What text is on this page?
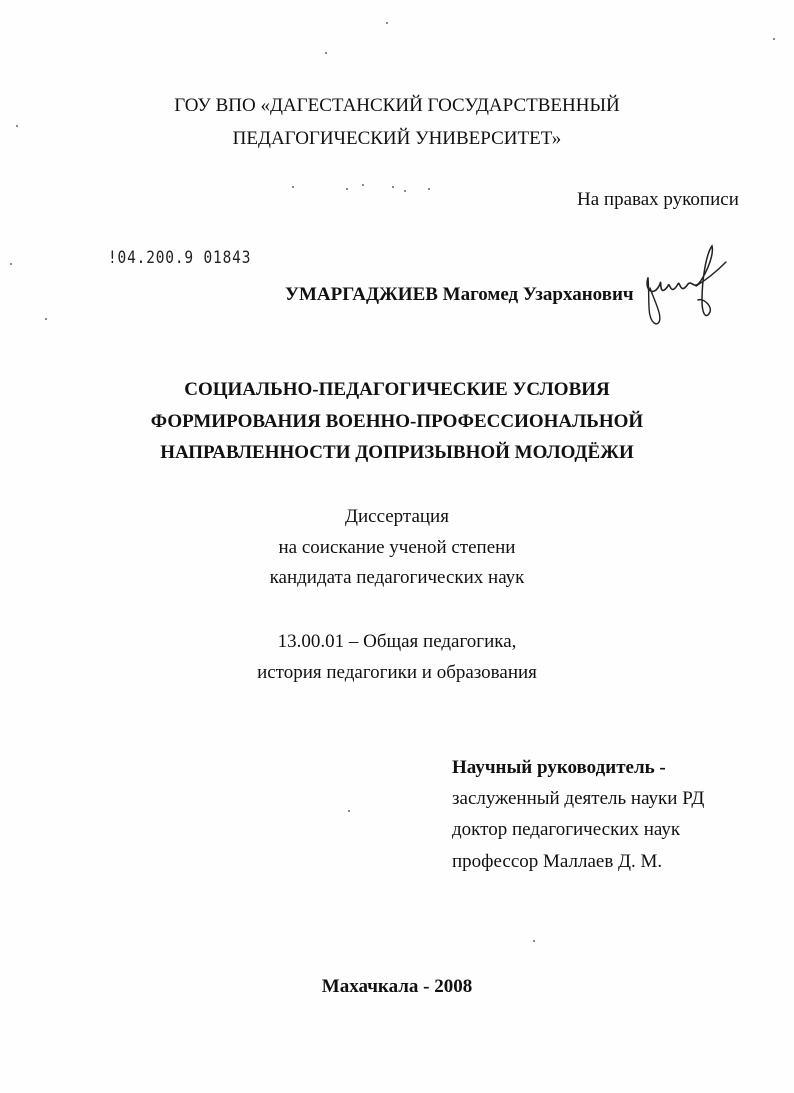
ГОУ ВПО «ДАГЕСТАНСКИЙ ГОСУДАРСТВЕННЫЙ
ПЕДАГОГИЧЕСКИЙ УНИВЕРСИТЕТ»
На правах рукописи
!04.200.9 01843
УМАРГАДЖИЕВ Магомед Узарханович
СОЦИАЛЬНО-ПЕДАГОГИЧЕСКИЕ УСЛОВИЯ
ФОРМИРОВАНИЯ ВОЕННО-ПРОФЕССИОНАЛЬНОЙ
НАПРАВЛЕННОСТИ ДОПРИЗЫВНОЙ МОЛОДЁЖИ
Диссертация
на соискание ученой степени
кандидата педагогических наук
13.00.01 – Общая педагогика,
история педагогики и образования
Научный руководитель -
заслуженный деятель науки РД
доктор педагогических наук
профессор Маллаев Д. М.
Махачкала - 2008
